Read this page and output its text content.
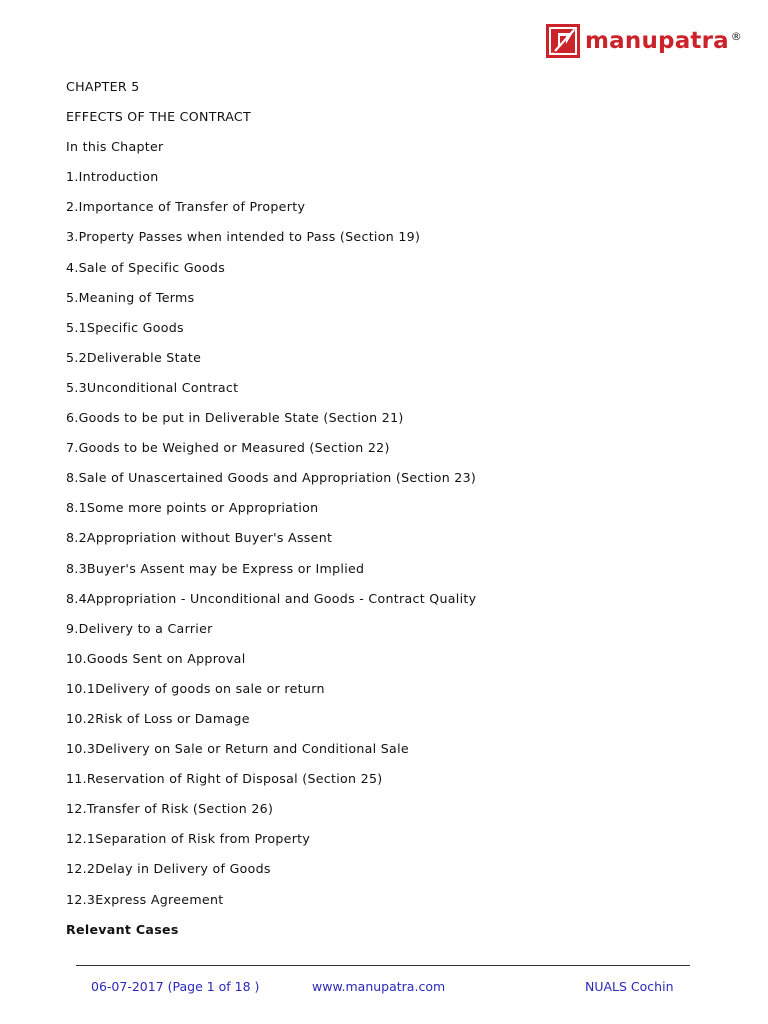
manupatra ®
CHAPTER 5
EFFECTS OF THE CONTRACT
In this Chapter
1.Introduction
2.Importance of Transfer of Property
3.Property Passes when intended to Pass (Section 19)
4.Sale of Specific Goods
5.Meaning of Terms
5.1Specific Goods
5.2Deliverable State
5.3Unconditional Contract
6.Goods to be put in Deliverable State (Section 21)
7.Goods to be Weighed or Measured (Section 22)
8.Sale of Unascertained Goods and Appropriation (Section 23)
8.1Some more points or Appropriation
8.2Appropriation without Buyer's Assent
8.3Buyer's Assent may be Express or Implied
8.4Appropriation - Unconditional and Goods - Contract Quality
9.Delivery to a Carrier
10.Goods Sent on Approval
10.1Delivery of goods on sale or return
10.2Risk of Loss or Damage
10.3Delivery on Sale or Return and Conditional Sale
11.Reservation of Right of Disposal (Section 25)
12.Transfer of Risk (Section 26)
12.1Separation of Risk from Property
12.2Delay in Delivery of Goods
12.3Express Agreement
Relevant Cases
06-07-2017 (Page 1 of 18 )	www.manupatra.com	NUALS Cochin
